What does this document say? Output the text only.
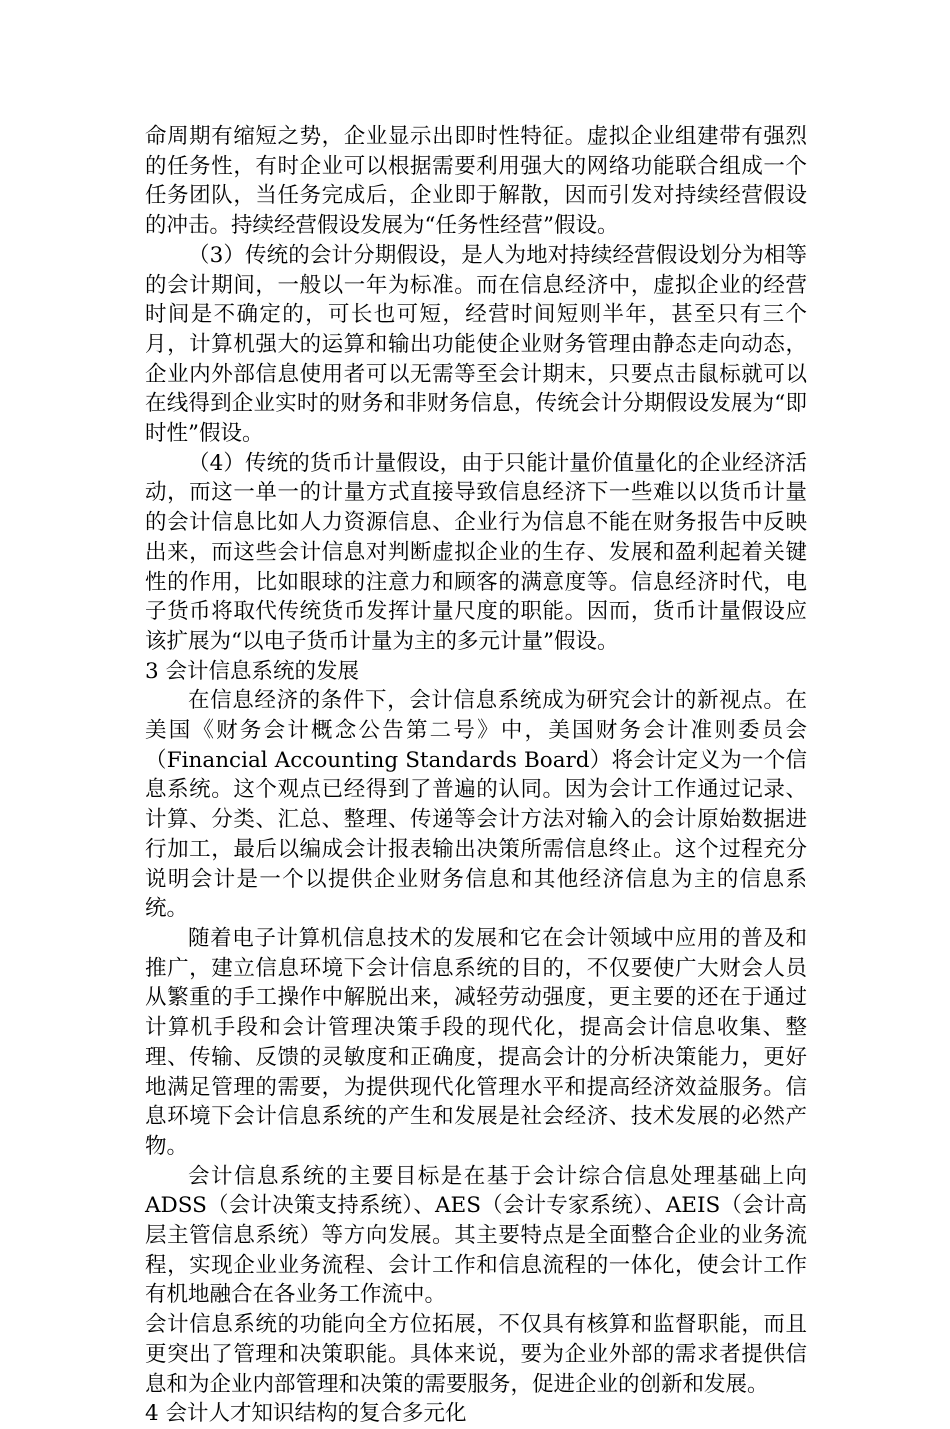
命周期有缩短之势，企业显示出即时性特征。虚拟企业组建带有强烈的任务性，有时企业可以根据需要利用强大的网络功能联合组成一个任务团队，当任务完成后，企业即于解散，因而引发对持续经营假设的冲击。持续经营假设发展为“任务性经营”假设。

（3）传统的会计分期假设，是人为地对持续经营假设划分为相等的会计期间，一般以一年为标准。而在信息经济中，虚拟企业的经营时间是不确定的，可长也可短，经营时间短则半年，甚至只有三个月，计算机强大的运算和输出功能使企业财务管理由静态走向动态，企业内外部信息使用者可以无需等至会计期末，只要点击鼠标就可以在线得到企业实时的财务和非财务信息，传统会计分期假设发展为“即时性”假设。

（4）传统的货币计量假设，由于只能计量价值量化的企业经济活动，而这一单一的计量方式直接导致信息经济下一些难以以货币计量的会计信息比如人力资源信息、企业行为信息不能在财务报告中反映出来，而这些会计信息对判断虚拟企业的生存、发展和盈利起着关键性的作用，比如眼球的注意力和顾客的满意度等。信息经济时代，电子货币将取代传统货币发挥计量尺度的职能。因而，货币计量假设应该扩展为“以电子货币计量为主的多元计量”假设。

3 会计信息系统的发展

在信息经济的条件下，会计信息系统成为研究会计的新视点。在美国《财务会计概念公告第二号》中，美国财务会计准则委员会（Financial Accounting Standards Board）将会计定义为一个信息系统。这个观点已经得到了普遍的认同。因为会计工作通过记录、计算、分类、汇总、整理、传递等会计方法对输入的会计原始数据进行加工，最后以编成会计报表输出决策所需信息终止。这个过程充分说明会计是一个以提供企业财务信息和其他经济信息为主的信息系统。

随着电子计算机信息技术的发展和它在会计领域中应用的普及和推广，建立信息环境下会计信息系统的目的，不仅要使广大财会人员从繁重的手工操作中解脱出来，减轻劳动强度，更主要的还在于通过计算机手段和会计管理决策手段的现代化，提高会计信息收集、整理、传输、反馈的灵敏度和正确度，提高会计的分析决策能力，更好地满足管理的需要，为提供现代化管理水平和提高经济效益服务。信息环境下会计信息系统的产生和发展是社会经济、技术发展的必然产物。

会计信息系统的主要目标是在基于会计综合信息处理基础上向ADSS（会计决策支持系统）、AES（会计专家系统）、AEIS（会计高层主管信息系统）等方向发展。其主要特点是全面整合企业的业务流程，实现企业业务流程、会计工作和信息流程的一体化，使会计工作有机地融合在各业务工作流中。

会计信息系统的功能向全方位拓展，不仅具有核算和监督职能，而且更突出了管理和决策职能。具体来说，要为企业外部的需求者提供信息和为企业内部管理和决策的需要服务，促进企业的创新和发展。

4 会计人才知识结构的复合多元化
